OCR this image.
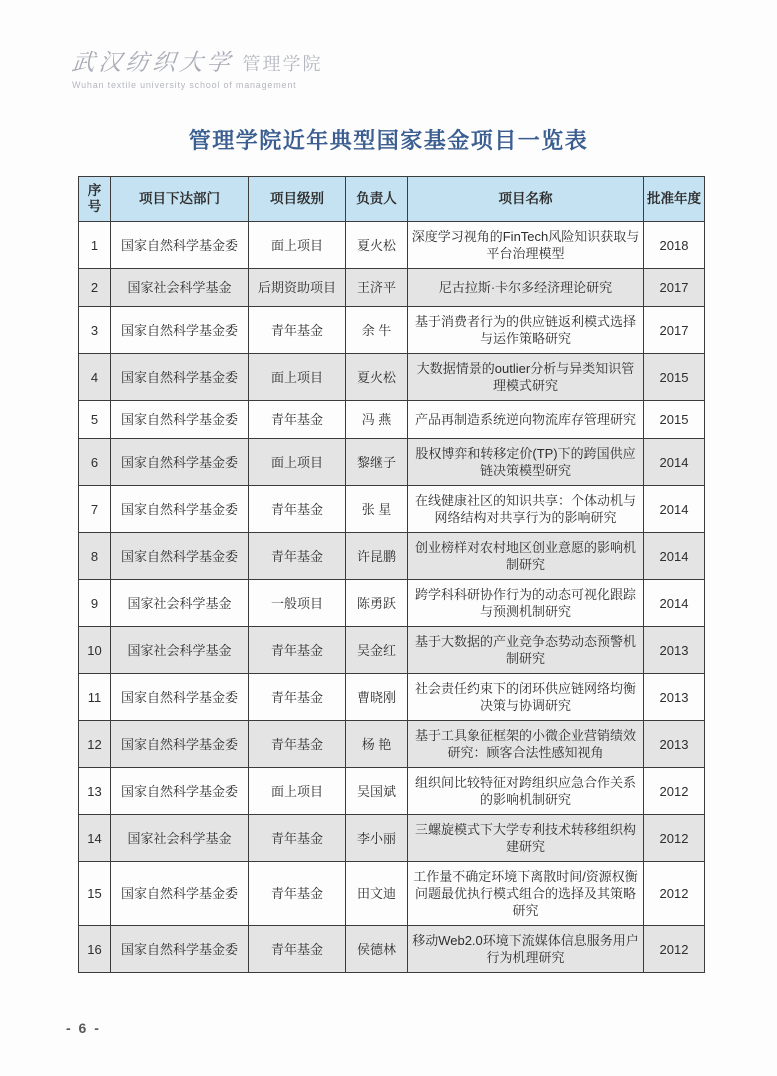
武汉纺织大学 管理学院
Wuhan textile university school of management
管理学院近年典型国家基金项目一览表
序号	项目下达部门	项目级别	负责人	项目名称	批准年度
1	国家自然科学基金委	面上项目	夏火松	深度学习视角的FinTech风险知识获取与平台治理模型	2018
2	国家社会科学基金	后期资助项目	王济平	尼古拉斯·卡尔多经济理论研究	2017
3	国家自然科学基金委	青年基金	余 牛	基于消费者行为的供应链返利模式选择与运作策略研究	2017
4	国家自然科学基金委	面上项目	夏火松	大数据情景的outlier分析与异类知识管理模式研究	2015
5	国家自然科学基金委	青年基金	冯 燕	产品再制造系统逆向物流库存管理研究	2015
6	国家自然科学基金委	面上项目	黎继子	股权博弈和转移定价(TP)下的跨国供应链决策模型研究	2014
7	国家自然科学基金委	青年基金	张 星	在线健康社区的知识共享：个体动机与网络结构对共享行为的影响研究	2014
8	国家自然科学基金委	青年基金	许昆鹏	创业榜样对农村地区创业意愿的影响机制研究	2014
9	国家社会科学基金	一般项目	陈勇跃	跨学科科研协作行为的动态可视化跟踪与预测机制研究	2014
10	国家社会科学基金	青年基金	吴金红	基于大数据的产业竞争态势动态预警机制研究	2013
11	国家自然科学基金委	青年基金	曹晓刚	社会责任约束下的闭环供应链网络均衡决策与协调研究	2013
12	国家自然科学基金委	青年基金	杨 艳	基于工具象征框架的小微企业营销绩效研究：顾客合法性感知视角	2013
13	国家自然科学基金委	面上项目	吴国斌	组织间比较特征对跨组织应急合作关系的影响机制研究	2012
14	国家社会科学基金	青年基金	李小丽	三螺旋模式下大学专利技术转移组织构建研究	2012
15	国家自然科学基金委	青年基金	田文迪	工作量不确定环境下离散时间/资源权衡问题最优执行模式组合的选择及其策略研究	2012
16	国家自然科学基金委	青年基金	侯德林	移动Web2.0环境下流媒体信息服务用户行为机理研究	2012
- 6 -
